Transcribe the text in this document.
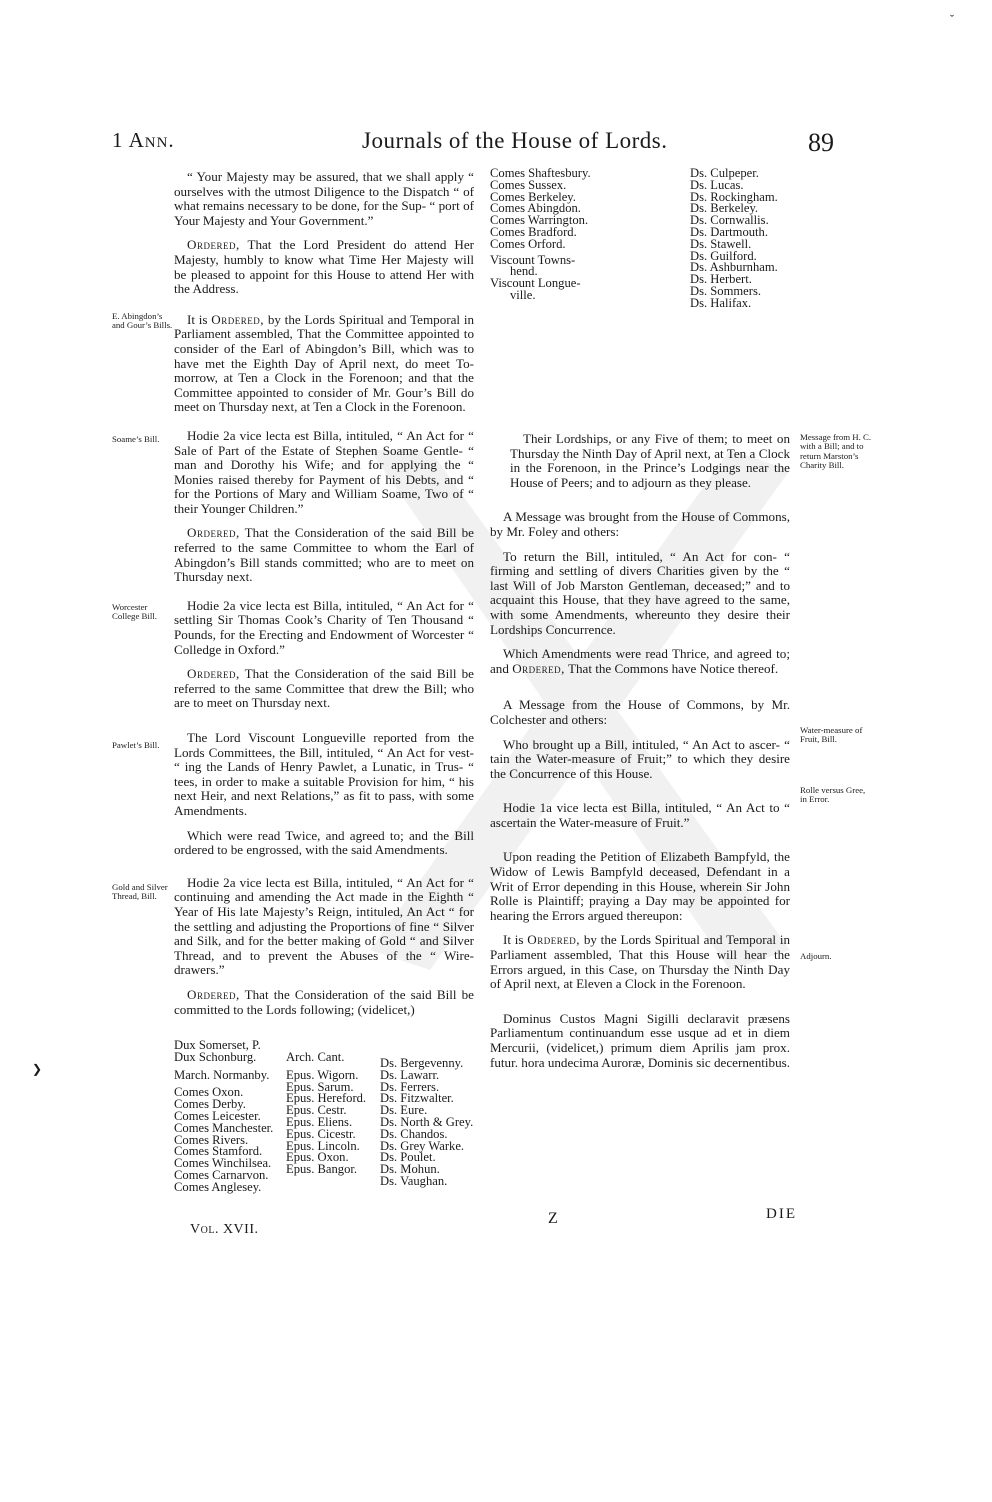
1 Ann.	Journals of the House of Lords.	89
ˇ
E. Abingdon’s and Gour’s Bills.
Soame’s Bill.
Worcester College Bill.
Pawlet’s Bill.
Gold and Silver Thread, Bill.
❯

“ Your Majesty may be assured, that we shall apply “ ourselves with the utmost Diligence to the Dispatch “ of what remains necessary to be done, for the Sup- “ port of Your Majesty and Your Government.”

Ordered, That the Lord President do attend Her Majesty, humbly to know what Time Her Majesty will be pleased to appoint for this House to attend Her with the Address.

It is Ordered, by the Lords Spiritual and Temporal in Parliament assembled, That the Committee appointed to consider of the Earl of Abingdon’s Bill, which was to have met the Eighth Day of April next, do meet To-morrow, at Ten a Clock in the Forenoon; and that the Committee appointed to consider of Mr. Gour’s Bill do meet on Thursday next, at Ten a Clock in the Forenoon.

Hodie 2a vice lecta est Billa, intituled, “ An Act for “ Sale of Part of the Estate of Stephen Soame Gentle- “ man and Dorothy his Wife; and for applying the “ Monies raised thereby for Payment of his Debts, and “ for the Portions of Mary and William Soame, Two of “ their Younger Children.”

Ordered, That the Consideration of the said Bill be referred to the same Committee to whom the Earl of Abingdon’s Bill stands committed; who are to meet on Thursday next.

Hodie 2a vice lecta est Billa, intituled, “ An Act for “ settling Sir Thomas Cook’s Charity of Ten Thousand “ Pounds, for the Erecting and Endowment of Worcester “ Colledge in Oxford.”

Ordered, That the Consideration of the said Bill be referred to the same Committee that drew the Bill; who are to meet on Thursday next.

The Lord Viscount Longueville reported from the Lords Committees, the Bill, intituled, “ An Act for vest- “ ing the Lands of Henry Pawlet, a Lunatic, in Trus- “ tees, in order to make a suitable Provision for him, “ his next Heir, and next Relations,” as fit to pass, with some Amendments.

Which were read Twice, and agreed to; and the Bill ordered to be engrossed, with the said Amendments.

Hodie 2a vice lecta est Billa, intituled, “ An Act for “ continuing and amending the Act made in the Eighth “ Year of His late Majesty’s Reign, intituled, An Act “ for the settling and adjusting the Proportions of fine “ Silver and Silk, and for the better making of Gold “ and Silver Thread, and to prevent the Abuses of the “ Wire-drawers.”

Ordered, That the Consideration of the said Bill be committed to the Lords following; (videlicet,)

Dux Somerset, P.
Dux Schonburg.
March. Normanby.
Comes Oxon.
Comes Derby.
Comes Leicester.
Comes Manchester.
Comes Rivers.
Comes Stamford.
Comes Winchilsea.
Comes Carnarvon.
Comes Anglesey.
Arch. Cant.
Epus. Wigorn.
Epus. Sarum.
Epus. Hereford.
Epus. Cestr.
Epus. Eliens.
Epus. Cicestr.
Epus. Lincoln.
Epus. Oxon.
Epus. Bangor.
Ds. Bergevenny.
Ds. Lawarr.
Ds. Ferrers.
Ds. Fitzwalter.
Ds. Eure.
Ds. North & Grey.
Ds. Chandos.
Ds. Grey Warke.
Ds. Poulet.
Ds. Mohun.
Ds. Vaughan.
Comes Shaftesbury.
Comes Sussex.
Comes Berkeley.
Comes Abingdon.
Comes Warrington.
Comes Bradford.
Comes Orford.
Viscount Towns-
hend.
Viscount Longue-
ville.
Ds. Culpeper.
Ds. Lucas.
Ds. Rockingham.
Ds. Berkeley.
Ds. Cornwallis.
Ds. Dartmouth.
Ds. Stawell.
Ds. Guilford.
Ds. Ashburnham.
Ds. Herbert.
Ds. Sommers.
Ds. Halifax.
Message from H. C. with a Bill; and to return Marston’s Charity Bill.
Water-measure of Fruit, Bill.
Rolle versus Gree, in Error.
Adjourn.

Their Lordships, or any Five of them; to meet on Thursday the Ninth Day of April next, at Ten a Clock in the Forenoon, in the Prince’s Lodgings near the House of Peers; and to adjourn as they please.

A Message was brought from the House of Commons, by Mr. Foley and others:

To return the Bill, intituled, “ An Act for con- “ firming and settling of divers Charities given by the “ last Will of Job Marston Gentleman, deceased;” and to acquaint this House, that they have agreed to the same, with some Amendments, whereunto they desire their Lordships Concurrence.

Which Amendments were read Thrice, and agreed to; and Ordered, That the Commons have Notice thereof.

A Message from the House of Commons, by Mr. Colchester and others:

Who brought up a Bill, intituled, “ An Act to ascer- “ tain the Water-measure of Fruit;” to which they desire the Concurrence of this House.

Hodie 1a vice lecta est Billa, intituled, “ An Act to “ ascertain the Water-measure of Fruit.”

Upon reading the Petition of Elizabeth Bampfyld, the Widow of Lewis Bampfyld deceased, Defendant in a Writ of Error depending in this House, wherein Sir John Rolle is Plaintiff; praying a Day may be appointed for hearing the Errors argued thereupon:

It is Ordered, by the Lords Spiritual and Temporal in Parliament assembled, That this House will hear the Errors argued, in this Case, on Thursday the Ninth Day of April next, at Eleven a Clock in the Forenoon.

Dominus Custos Magni Sigilli declaravit præsens Parliamentum continuandum esse usque ad et in diem Mercurii, (videlicet,) primum diem Aprilis jam prox. futur. hora undecima Auroræ, Dominis sic decernentibus.

Vol. XVII.
Z	DIE
